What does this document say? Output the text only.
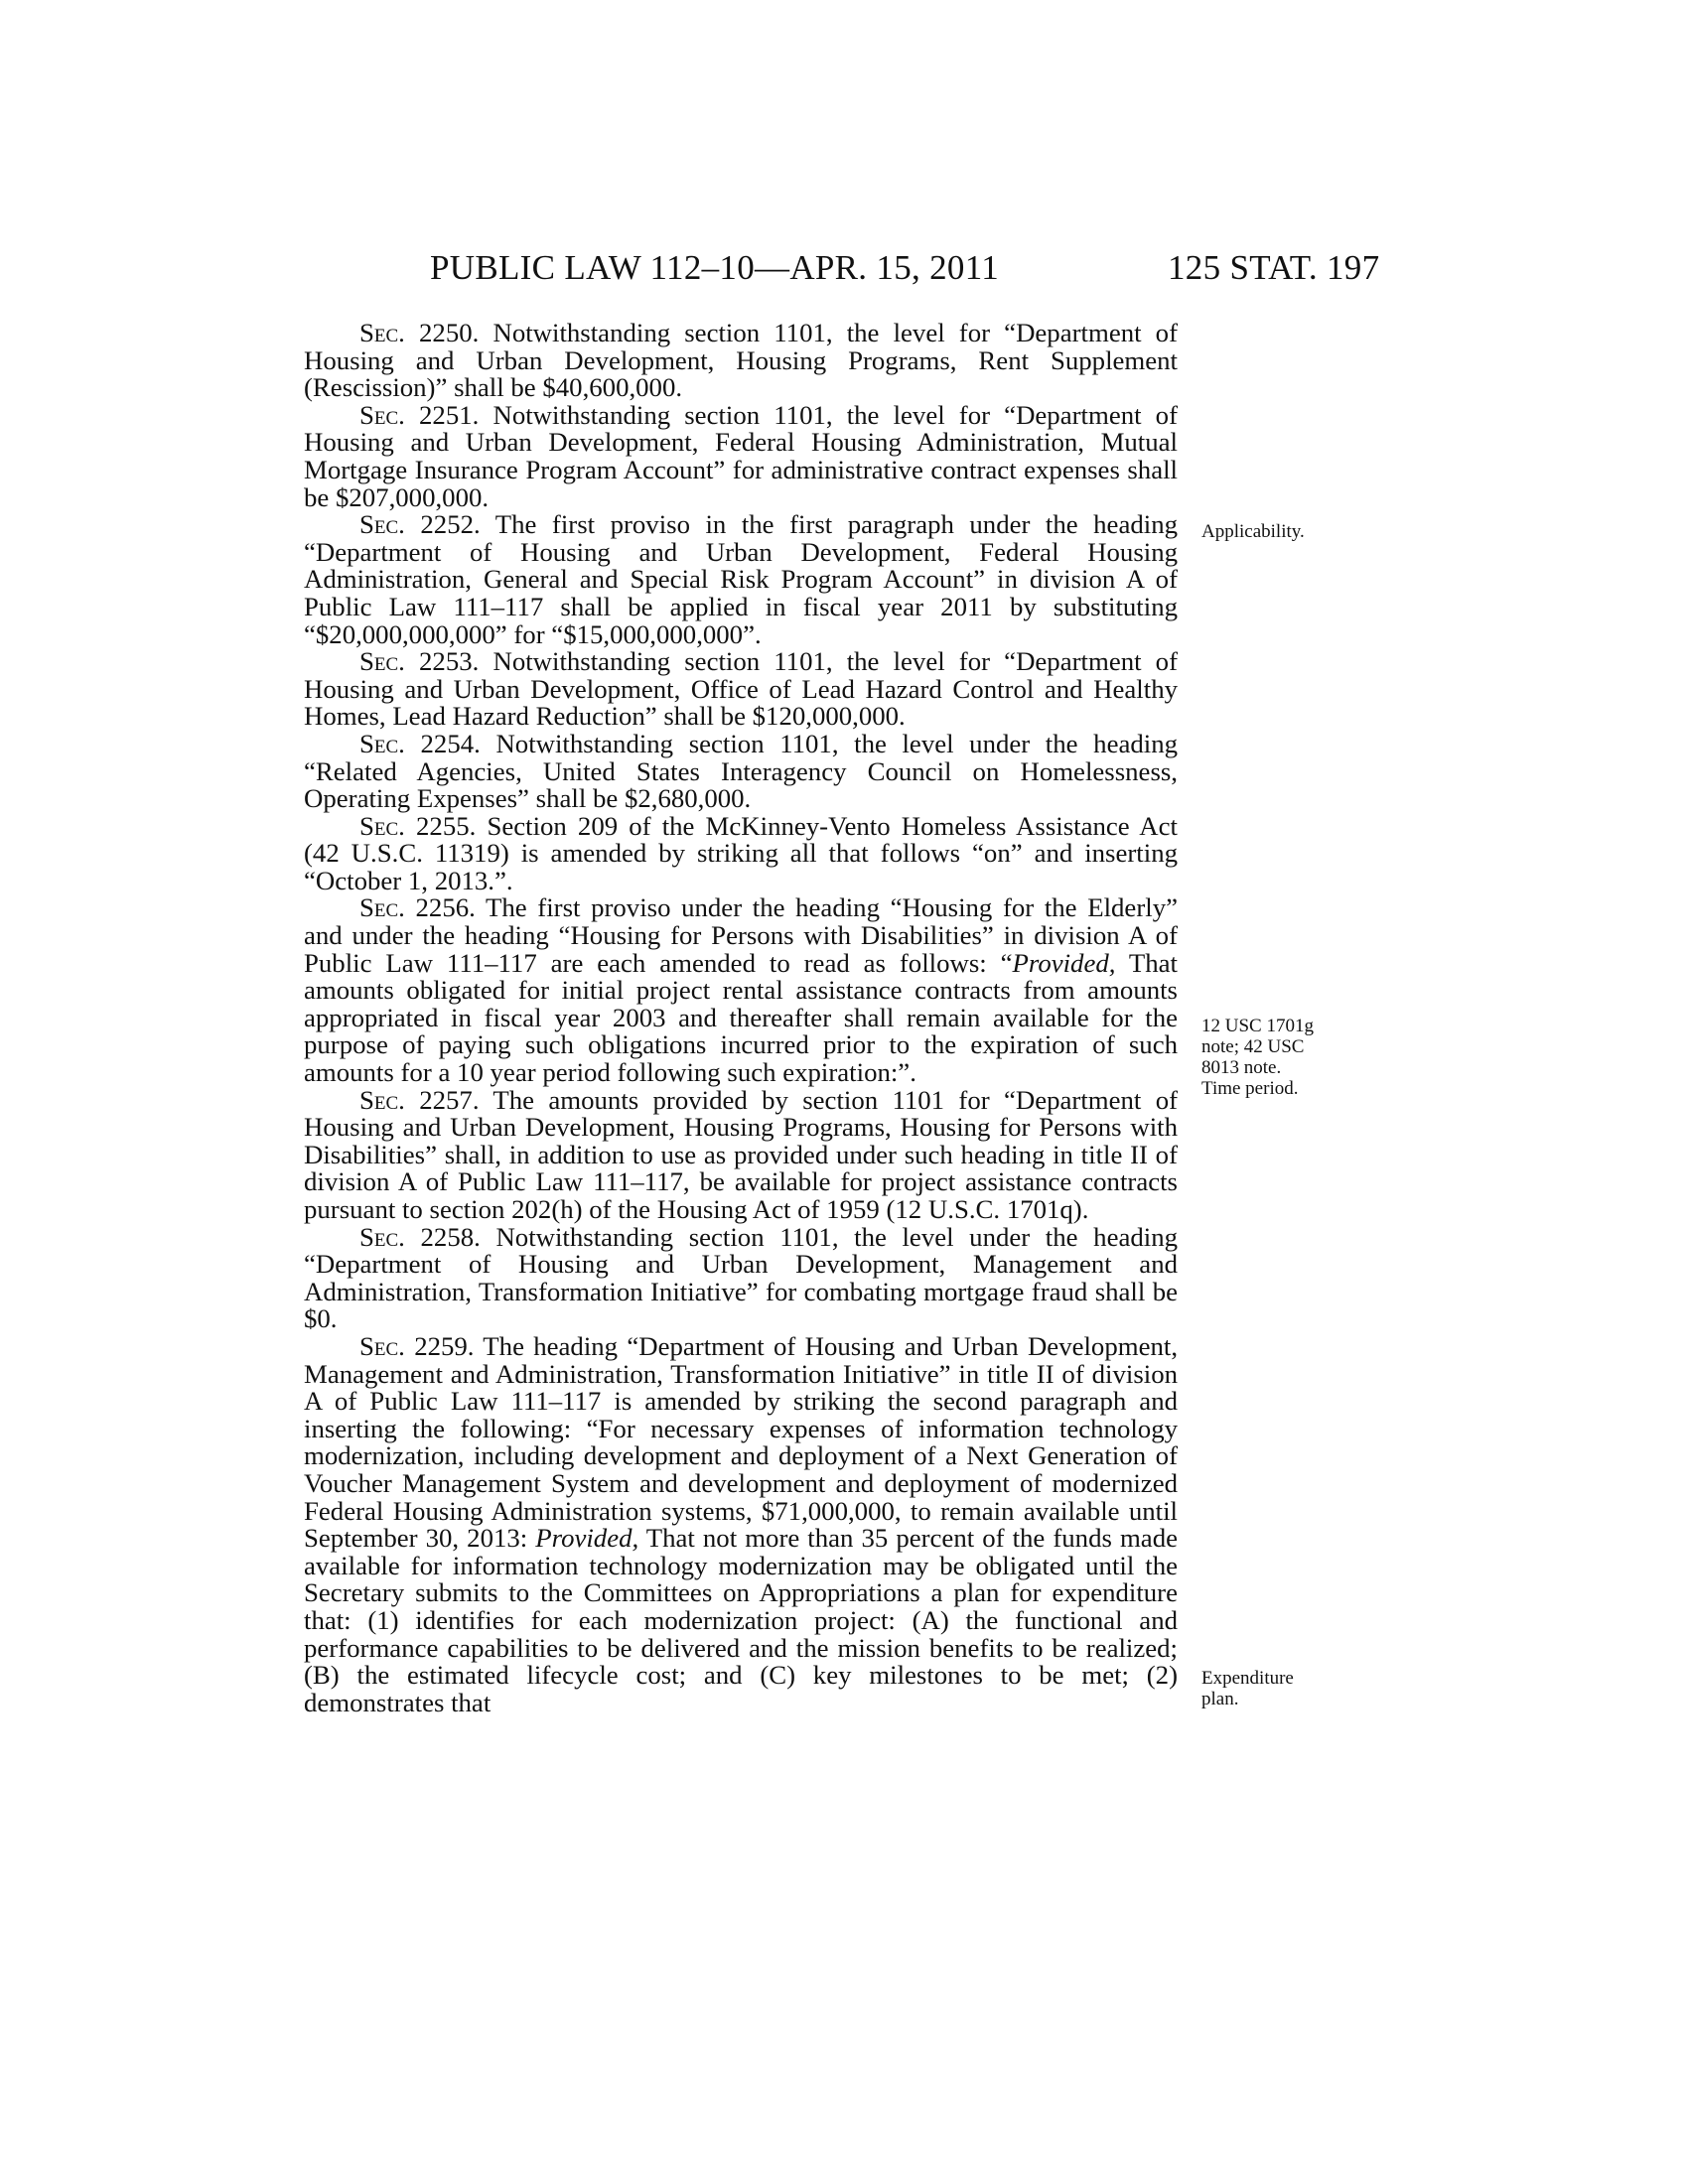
PUBLIC LAW 112–10—APR. 15, 2011	125 STAT. 197

Sec. 2250. Notwithstanding section 1101, the level for “Department of Housing and Urban Development, Housing Programs, Rent Supplement (Rescission)” shall be $40,600,000.

Sec. 2251. Notwithstanding section 1101, the level for “Department of Housing and Urban Development, Federal Housing Administration, Mutual Mortgage Insurance Program Account” for administrative contract expenses shall be $207,000,000.

Sec. 2252. The first proviso in the first paragraph under the heading “Department of Housing and Urban Development, Federal Housing Administration, General and Special Risk Program Account” in division A of Public Law 111–117 shall be applied in fiscal year 2011 by substituting “$20,000,000,000” for “$15,000,000,000”.

Sec. 2253. Notwithstanding section 1101, the level for “Department of Housing and Urban Development, Office of Lead Hazard Control and Healthy Homes, Lead Hazard Reduction” shall be $120,000,000.

Sec. 2254. Notwithstanding section 1101, the level under the heading “Related Agencies, United States Interagency Council on Homelessness, Operating Expenses” shall be $2,680,000.

Sec. 2255. Section 209 of the McKinney-Vento Homeless Assistance Act (42 U.S.C. 11319) is amended by striking all that follows “on” and inserting “October 1, 2013.”.

Sec. 2256. The first proviso under the heading “Housing for the Elderly” and under the heading “Housing for Persons with Disabilities” in division A of Public Law 111–117 are each amended to read as follows: “Provided, That amounts obligated for initial project rental assistance contracts from amounts appropriated in fiscal year 2003 and thereafter shall remain available for the purpose of paying such obligations incurred prior to the expiration of such amounts for a 10 year period following such expiration:”.

Sec. 2257. The amounts provided by section 1101 for “Department of Housing and Urban Development, Housing Programs, Housing for Persons with Disabilities” shall, in addition to use as provided under such heading in title II of division A of Public Law 111–117, be available for project assistance contracts pursuant to section 202(h) of the Housing Act of 1959 (12 U.S.C. 1701q).

Sec. 2258. Notwithstanding section 1101, the level under the heading “Department of Housing and Urban Development, Management and Administration, Transformation Initiative” for combating mortgage fraud shall be $0.

Sec. 2259. The heading “Department of Housing and Urban Development, Management and Administration, Transformation Initiative” in title II of division A of Public Law 111–117 is amended by striking the second paragraph and inserting the following: “For necessary expenses of information technology modernization, including development and deployment of a Next Generation of Voucher Management System and development and deployment of modernized Federal Housing Administration systems, $71,000,000, to remain available until September 30, 2013: Provided, That not more than 35 percent of the funds made available for information technology modernization may be obligated until the Secretary submits to the Committees on Appropriations a plan for expenditure that: (1) identifies for each modernization project: (A) the functional and performance capabilities to be delivered and the mission benefits to be realized; (B) the estimated lifecycle cost; and (C) key milestones to be met; (2) demonstrates that

Applicability.
12 USC 1701g
note; 42 USC
8013 note.
Time period.
Expenditure
plan.
